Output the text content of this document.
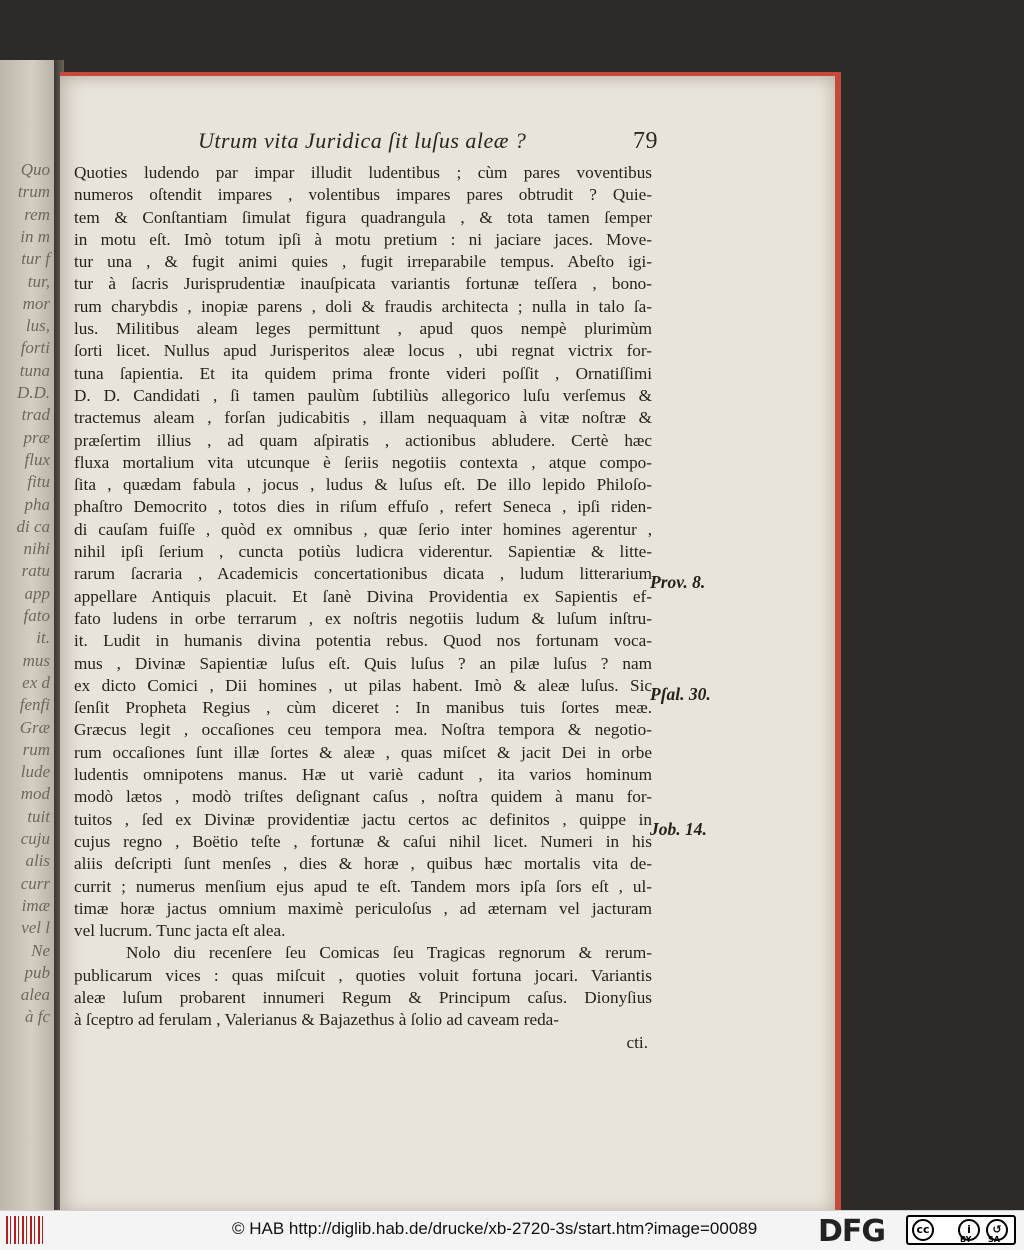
Quo
trum
rem
in m
tur f
tur,
mor
lus,
forti
tuna
D.D.
trad
præ
flux
fitu
pha
di ca
nihi
ratu
app
fato
it.
mus
ex d
fenfi
Græ
rum
lude
mod
tuit
cuju
alis
curr
imæ
vel l
Ne
pub
alea
à fc
Utrum vita Juridica ſit luſus aleæ ?	79
Quoties ludendo par impar illudit ludentibus ; cùm pares voventibus
numeros oſtendit impares , volentibus impares pares obtrudit ? Quie-
tem & Conſtantiam ſimulat figura quadrangula , & tota tamen ſemper
in motu eſt. Imò totum ipſi à motu pretium : ni jaciare jaces. Move-
tur una , & fugit animi quies , fugit irreparabile tempus. Abeſto igi-
tur à ſacris Jurisprudentiæ inauſpicata variantis fortunæ teſſera , bono-
rum charybdis , inopiæ parens , doli & fraudis architecta ; nulla in talo ſa-
lus. Militibus aleam leges permittunt , apud quos nempè plurimùm
ſorti licet. Nullus apud Jurisperitos aleæ locus , ubi regnat victrix for-
tuna ſapientia. Et ita quidem prima fronte videri poſſit , Ornatiſſimi
D. D. Candidati , ſi tamen paulùm ſubtiliùs allegorico luſu verſemus &
tractemus aleam , forſan judicabitis , illam nequaquam à vitæ noſtræ &
præſertim illius , ad quam aſpiratis , actionibus abludere. Certè hæc
fluxa mortalium vita utcunque è ſeriis negotiis contexta , atque compo-
ſita , quædam fabula , jocus , ludus & luſus eſt. De illo lepido Philoſo-
phaſtro Democrito , totos dies in riſum effuſo , refert Seneca , ipſi riden-
di cauſam fuiſſe , quòd ex omnibus , quæ ſerio inter homines agerentur ,
nihil ipſi ſerium , cuncta potiùs ludicra viderentur. Sapientiæ & litte-
rarum ſacraria , Academicis concertationibus dicata , ludum litterarium
appellare Antiquis placuit. Et ſanè Divina Providentia ex Sapientis ef-
fato ludens in orbe terrarum , ex noſtris negotiis ludum & luſum inſtru-
it. Ludit in humanis divina potentia rebus. Quod nos fortunam voca-
mus , Divinæ Sapientiæ luſus eſt. Quis luſus ? an pilæ luſus ? nam
ex dicto Comici , Dii homines , ut pilas habent. Imò & aleæ luſus. Sic
ſenſit Propheta Regius , cùm diceret : In manibus tuis ſortes meæ.
Græcus legit , occaſiones ceu tempora mea. Noſtra tempora & negotio-
rum occaſiones ſunt illæ ſortes & aleæ , quas miſcet & jacit Dei in orbe
ludentis omnipotens manus. Hæ ut variè cadunt , ita varios hominum
modò lætos , modò triſtes deſignant caſus , noſtra quidem à manu for-
tuitos , ſed ex Divinæ providentiæ jactu certos ac definitos , quippe in
cujus regno , Boëtio teſte , fortunæ & caſui nihil licet. Numeri in his
aliis deſcripti ſunt menſes , dies & horæ , quibus hæc mortalis vita de-
currit ; numerus menſium ejus apud te eſt. Tandem mors ipſa ſors eſt , ul-
timæ horæ jactus omnium maximè periculoſus , ad æternam vel jacturam
vel lucrum. Tunc jacta eſt alea.
Nolo diu recenſere ſeu Comicas ſeu Tragicas regnorum & rerum-
publicarum vices : quas miſcuit , quoties voluit fortuna jocari. Variantis
aleæ luſum probarent innumeri Regum & Principum caſus. Dionyſius
à ſceptro ad ferulam , Valerianus & Bajazethus à ſolio ad caveam reda-
cti.
Prov. 8.
Pſal. 30.
Job. 14.
© HAB http://diglib.hab.de/drucke/xb-2720-3s/start.htm?image=00089 DFG	cc	i	↺
BY SA
